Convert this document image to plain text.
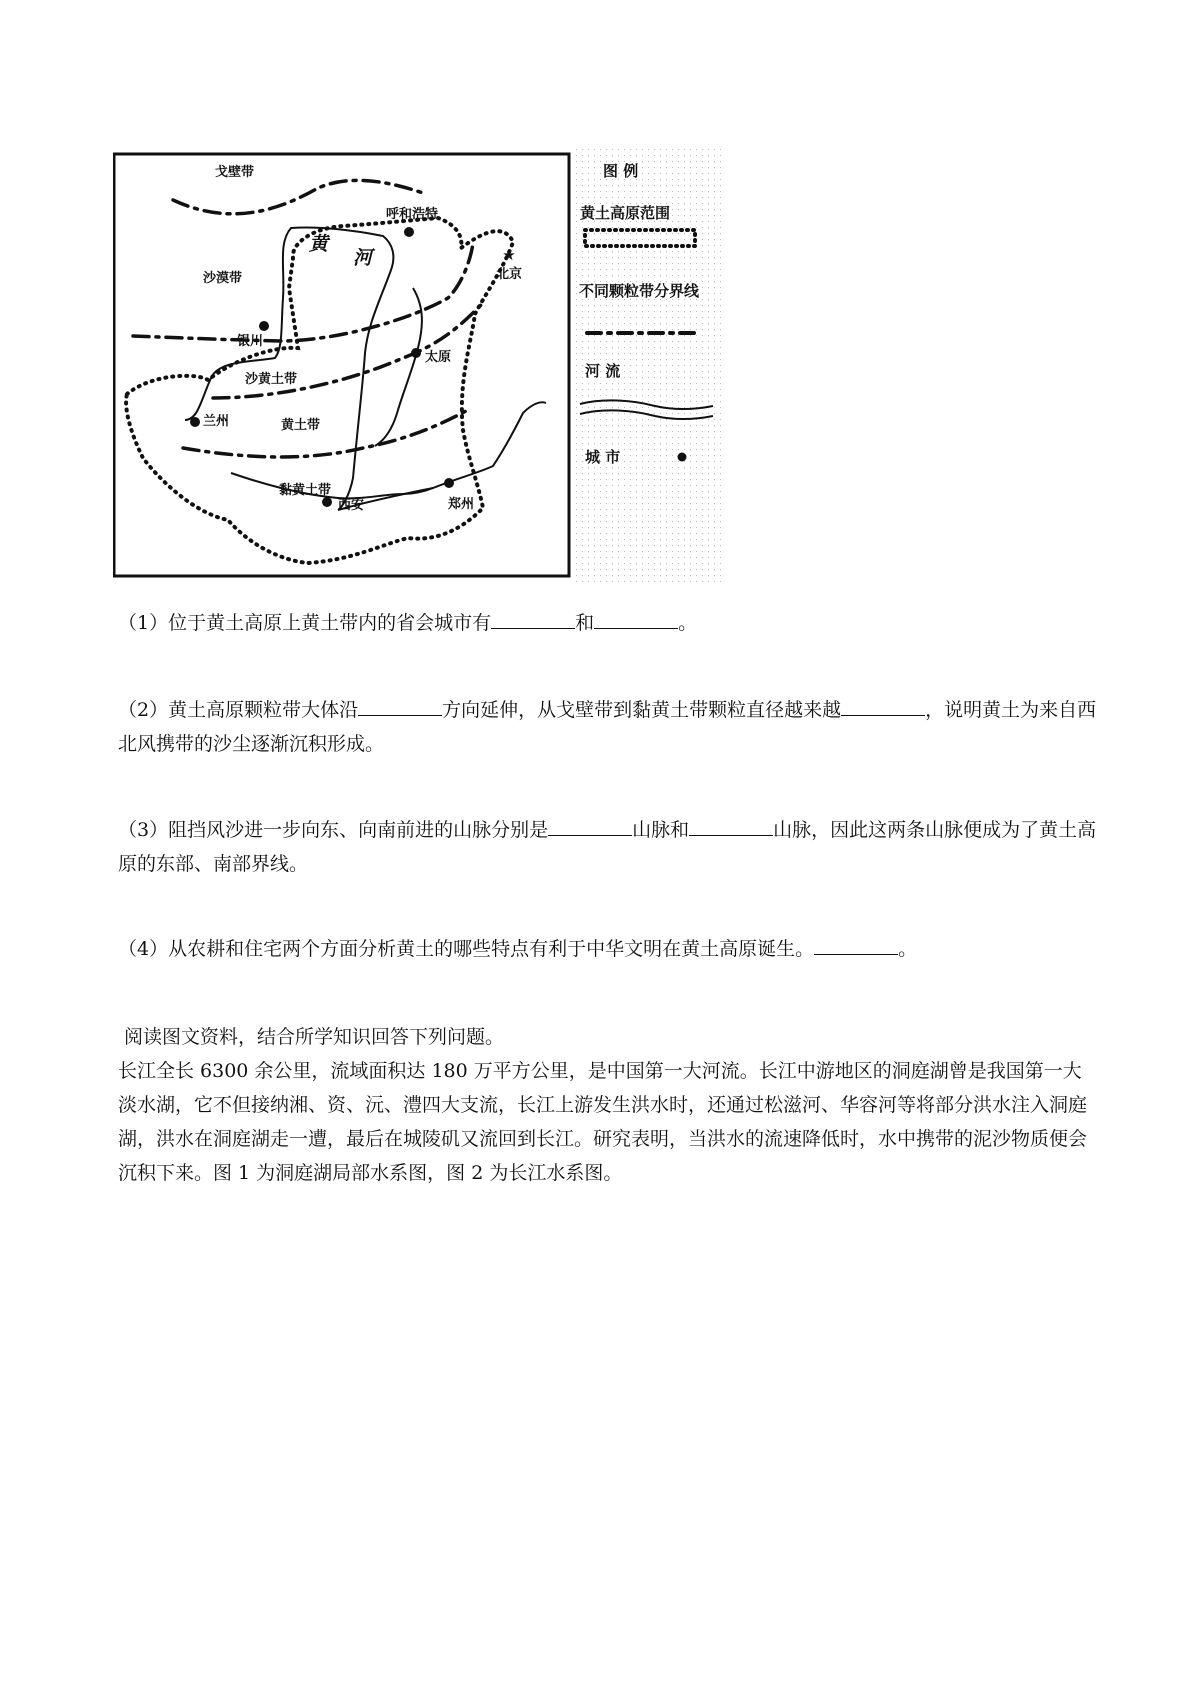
★
戈壁带
沙漠带
沙黄土带
黄土带
黏黄土带
黄
河
呼和浩特
北京
银川
太原
兰州
西安	郑州
图 例
黄土高原范围
不同颗粒带分界线
河 流
城 市

（1）位于黄土高原上黄土带内的省会城市有	和	。

（2）黄土高原颗粒带大体沿	方向延伸，从戈壁带到黏黄土带颗粒直径越来越	，说明黄土为来自西北风携带的沙尘逐渐沉积形成。

（3）阻挡风沙进一步向东、向南前进的山脉分别是	山脉和	山脉，因此这两条山脉便成为了黄土高原的东部、南部界线。

（4）从农耕和住宅两个方面分析黄土的哪些特点有利于中华文明在黄土高原诞生。	。

阅读图文资料，结合所学知识回答下列问题。

长江全长 6300 余公里，流域面积达 180 万平方公里，是中国第一大河流。长江中游地区的洞庭湖曾是我国第一大淡水湖，它不但接纳湘、资、沅、澧四大支流，长江上游发生洪水时，还通过松滋河、华容河等将部分洪水注入洞庭湖，洪水在洞庭湖走一遭，最后在城陵矶又流回到长江。研究表明，当洪水的流速降低时，水中携带的泥沙物质便会沉积下来。图 1 为洞庭湖局部水系图，图 2 为长江水系图。
